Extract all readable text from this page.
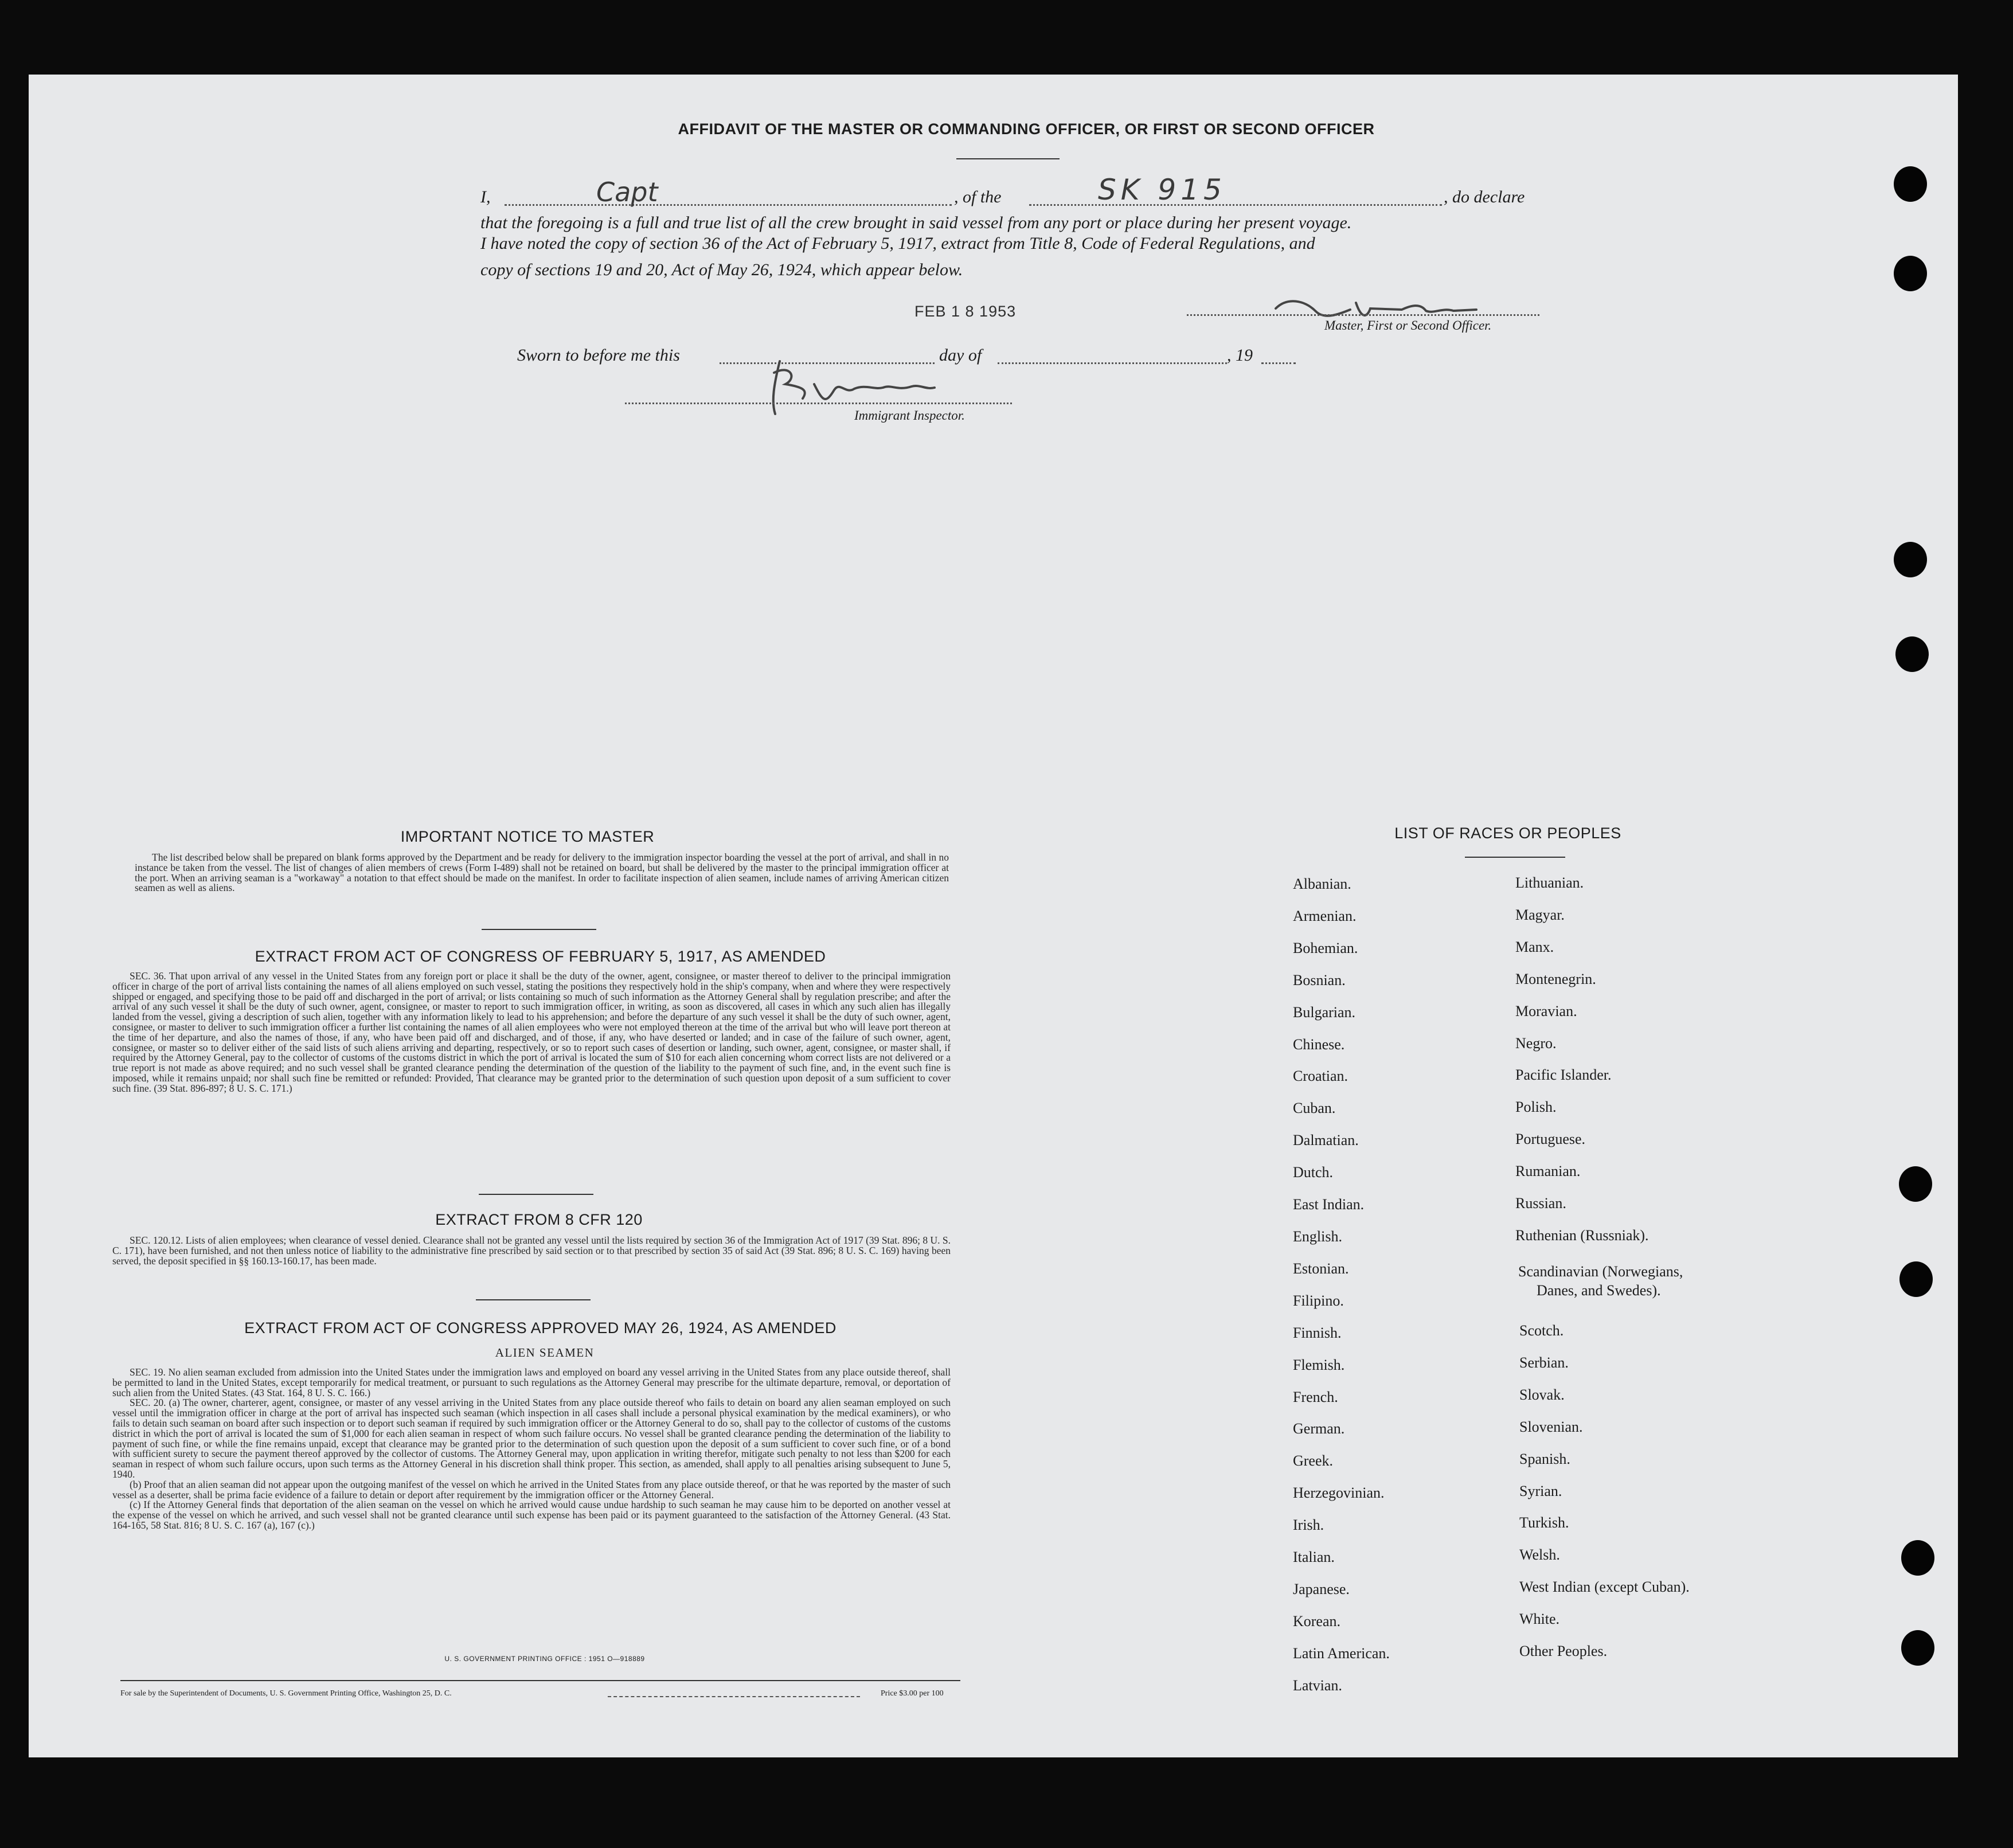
AFFIDAVIT OF THE MASTER OR COMMANDING OFFICER, OR FIRST OR SECOND OFFICER
I,	Capt	, of the	SK 915	, do declare
that the foregoing is a full and true list of all the crew brought in said vessel from any port or place during her present voyage.
I have noted the copy of section 36 of the Act of February 5, 1917, extract from Title 8, Code of Federal Regulations, and
copy of sections 19 and 20, Act of May 26, 1924, which appear below.
FEB 1 8 1953
Master, First or Second Officer.
Sworn to before me this	day of	, 19
Immigrant Inspector.
IMPORTANT NOTICE TO MASTER

The list described below shall be prepared on blank forms approved by the Department and be ready for delivery to the immigration inspector boarding the vessel at the port of arrival, and shall in no instance be taken from the vessel. The list of changes of alien members of crews (Form I-489) shall not be retained on board, but shall be delivered by the master to the principal immigration officer at the port. When an arriving seaman is a "workaway" a notation to that effect should be made on the manifest. In order to facilitate inspection of alien seamen, include names of arriving American citizen seamen as well as aliens.

EXTRACT FROM ACT OF CONGRESS OF FEBRUARY 5, 1917, AS AMENDED

SEC. 36. That upon arrival of any vessel in the United States from any foreign port or place it shall be the duty of the owner, agent, consignee, or master thereof to deliver to the principal immigration officer in charge of the port of arrival lists containing the names of all aliens employed on such vessel, stating the positions they respectively hold in the ship's company, when and where they were respectively shipped or engaged, and specifying those to be paid off and discharged in the port of arrival; or lists containing so much of such information as the Attorney General shall by regulation prescribe; and after the arrival of any such vessel it shall be the duty of such owner, agent, consignee, or master to report to such immigration officer, in writing, as soon as discovered, all cases in which any such alien has illegally landed from the vessel, giving a description of such alien, together with any information likely to lead to his apprehension; and before the departure of any such vessel it shall be the duty of such owner, agent, consignee, or master to deliver to such immigration officer a further list containing the names of all alien employees who were not employed thereon at the time of the arrival but who will leave port thereon at the time of her departure, and also the names of those, if any, who have been paid off and discharged, and of those, if any, who have deserted or landed; and in case of the failure of such owner, agent, consignee, or master so to deliver either of the said lists of such aliens arriving and departing, respectively, or so to report such cases of desertion or landing, such owner, agent, consignee, or master shall, if required by the Attorney General, pay to the collector of customs of the customs district in which the port of arrival is located the sum of $10 for each alien concerning whom correct lists are not delivered or a true report is not made as above required; and no such vessel shall be granted clearance pending the determination of the question of the liability to the payment of such fine, and, in the event such fine is imposed, while it remains unpaid; nor shall such fine be remitted or refunded: Provided, That clearance may be granted prior to the determination of such question upon deposit of a sum sufficient to cover such fine. (39 Stat. 896-897; 8 U. S. C. 171.)

EXTRACT FROM 8 CFR 120

SEC. 120.12. Lists of alien employees; when clearance of vessel denied. Clearance shall not be granted any vessel until the lists required by section 36 of the Immigration Act of 1917 (39 Stat. 896; 8 U. S. C. 171), have been furnished, and not then unless notice of liability to the administrative fine prescribed by said section or to that prescribed by section 35 of said Act (39 Stat. 896; 8 U. S. C. 169) having been served, the deposit specified in §§ 160.13-160.17, has been made.

EXTRACT FROM ACT OF CONGRESS APPROVED MAY 26, 1924, AS AMENDED
ALIEN SEAMEN

SEC. 19. No alien seaman excluded from admission into the United States under the immigration laws and employed on board any vessel arriving in the United States from any place outside thereof, shall be permitted to land in the United States, except temporarily for medical treatment, or pursuant to such regulations as the Attorney General may prescribe for the ultimate departure, removal, or deportation of such alien from the United States. (43 Stat. 164, 8 U. S. C. 166.)

SEC. 20. (a) The owner, charterer, agent, consignee, or master of any vessel arriving in the United States from any place outside thereof who fails to detain on board any alien seaman employed on such vessel until the immigration officer in charge at the port of arrival has inspected such seaman (which inspection in all cases shall include a personal physical examination by the medical examiners), or who fails to detain such seaman on board after such inspection or to deport such seaman if required by such immigration officer or the Attorney General to do so, shall pay to the collector of customs of the customs district in which the port of arrival is located the sum of $1,000 for each alien seaman in respect of whom such failure occurs. No vessel shall be granted clearance pending the determination of the liability to payment of such fine, or while the fine remains unpaid, except that clearance may be granted prior to the determination of such question upon the deposit of a sum sufficient to cover such fine, or of a bond with sufficient surety to secure the payment thereof approved by the collector of customs. The Attorney General may, upon application in writing therefor, mitigate such penalty to not less than $200 for each seaman in respect of whom such failure occurs, upon such terms as the Attorney General in his discretion shall think proper. This section, as amended, shall apply to all penalties arising subsequent to June 5, 1940.

(b) Proof that an alien seaman did not appear upon the outgoing manifest of the vessel on which he arrived in the United States from any place outside thereof, or that he was reported by the master of such vessel as a deserter, shall be prima facie evidence of a failure to detain or deport after requirement by the immigration officer or the Attorney General.

(c) If the Attorney General finds that deportation of the alien seaman on the vessel on which he arrived would cause undue hardship to such seaman he may cause him to be deported on another vessel at the expense of the vessel on which he arrived, and such vessel shall not be granted clearance until such expense has been paid or its payment guaranteed to the satisfaction of the Attorney General. (43 Stat. 164-165, 58 Stat. 816; 8 U. S. C. 167 (a), 167 (c).)

U. S. GOVERNMENT PRINTING OFFICE : 1951 O—918889
For sale by the Superintendent of Documents, U. S. Government Printing Office, Washington 25, D. C.	Price $3.00 per 100
LIST OF RACES OR PEOPLES
Albanian.
Armenian.
Bohemian.
Bosnian.
Bulgarian.
Chinese.
Croatian.
Cuban.
Dalmatian.
Dutch.
East Indian.
English.
Estonian.
Filipino.
Finnish.
Flemish.
French.
German.
Greek.
Herzegovinian.
Irish.
Italian.
Japanese.
Korean.
Latin American.
Latvian.
Lithuanian.
Magyar.
Manx.
Montenegrin.
Moravian.
Negro.
Pacific Islander.
Polish.
Portuguese.
Rumanian.
Russian.
Ruthenian (Russniak).
Scandinavian (Norwegians,
Danes, and Swedes).
Scotch.
Serbian.
Slovak.
Slovenian.
Spanish.
Syrian.
Turkish.
Welsh.
West Indian (except Cuban).
White.
Other Peoples.
